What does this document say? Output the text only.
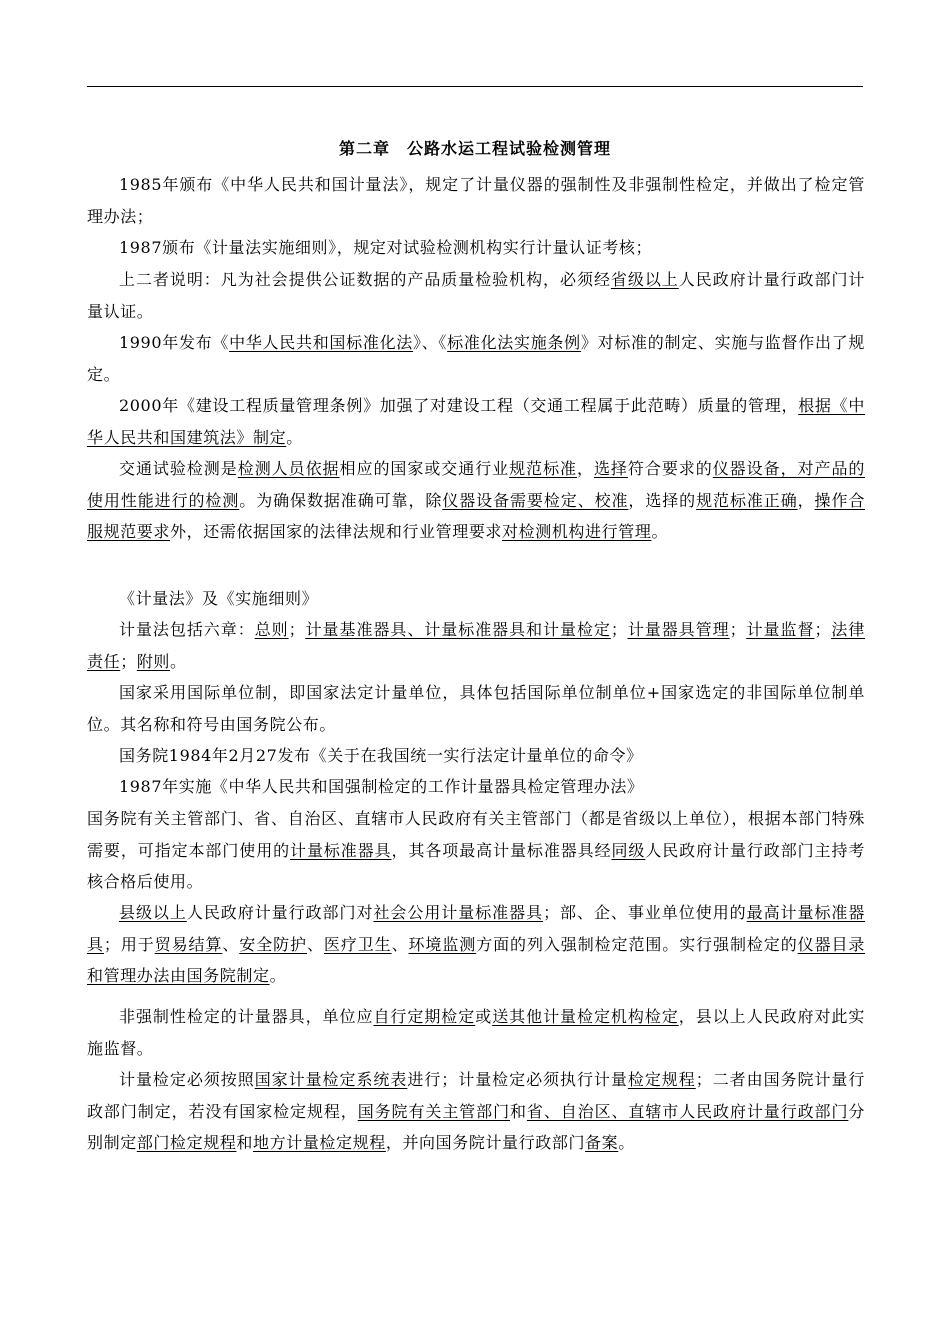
第二章　公路水运工程试验检测管理
1985年颁布《中华人民共和国计量法》，规定了计量仪器的强制性及非强制性检定，并做出了检定管理办法；
1987颁布《计量法实施细则》，规定对试验检测机构实行计量认证考核；
上二者说明：凡为社会提供公证数据的产品质量检验机构，必须经省级以上人民政府计量行政部门计量认证。
1990年发布《中华人民共和国标准化法》、《标准化法实施条例》对标准的制定、实施与监督作出了规定。
2000年《建设工程质量管理条例》加强了对建设工程（交通工程属于此范畴）质量的管理，根据《中华人民共和国建筑法》制定。
交通试验检测是检测人员依据相应的国家或交通行业规范标准，选择符合要求的仪器设备，对产品的使用性能进行的检测。为确保数据准确可靠，除仪器设备需要检定、校准，选择的规范标准正确，操作合服规范要求外，还需依据国家的法律法规和行业管理要求对检测机构进行管理。
《计量法》及《实施细则》
计量法包括六章：总则；计量基准器具、计量标准器具和计量检定；计量器具管理；计量监督；法律责任；附则。
国家采用国际单位制，即国家法定计量单位，具体包括国际单位制单位+国家选定的非国际单位制单位。其名称和符号由国务院公布。
国务院1984年2月27发布《关于在我国统一实行法定计量单位的命令》
1987年实施《中华人民共和国强制检定的工作计量器具检定管理办法》
国务院有关主管部门、省、自治区、直辖市人民政府有关主管部门（都是省级以上单位），根据本部门特殊需要，可指定本部门使用的计量标准器具，其各项最高计量标准器具经同级人民政府计量行政部门主持考核合格后使用。
县级以上人民政府计量行政部门对社会公用计量标准器具；部、企、事业单位使用的最高计量标准器具；用于贸易结算、安全防护、医疗卫生、环境监测方面的列入强制检定范围。实行强制检定的仪器目录和管理办法由国务院制定。
非强制性检定的计量器具，单位应自行定期检定或送其他计量检定机构检定，县以上人民政府对此实施监督。
计量检定必须按照国家计量检定系统表进行；计量检定必须执行计量检定规程；二者由国务院计量行政部门制定，若没有国家检定规程，国务院有关主管部门和省、自治区、直辖市人民政府计量行政部门分别制定部门检定规程和地方计量检定规程，并向国务院计量行政部门备案。
